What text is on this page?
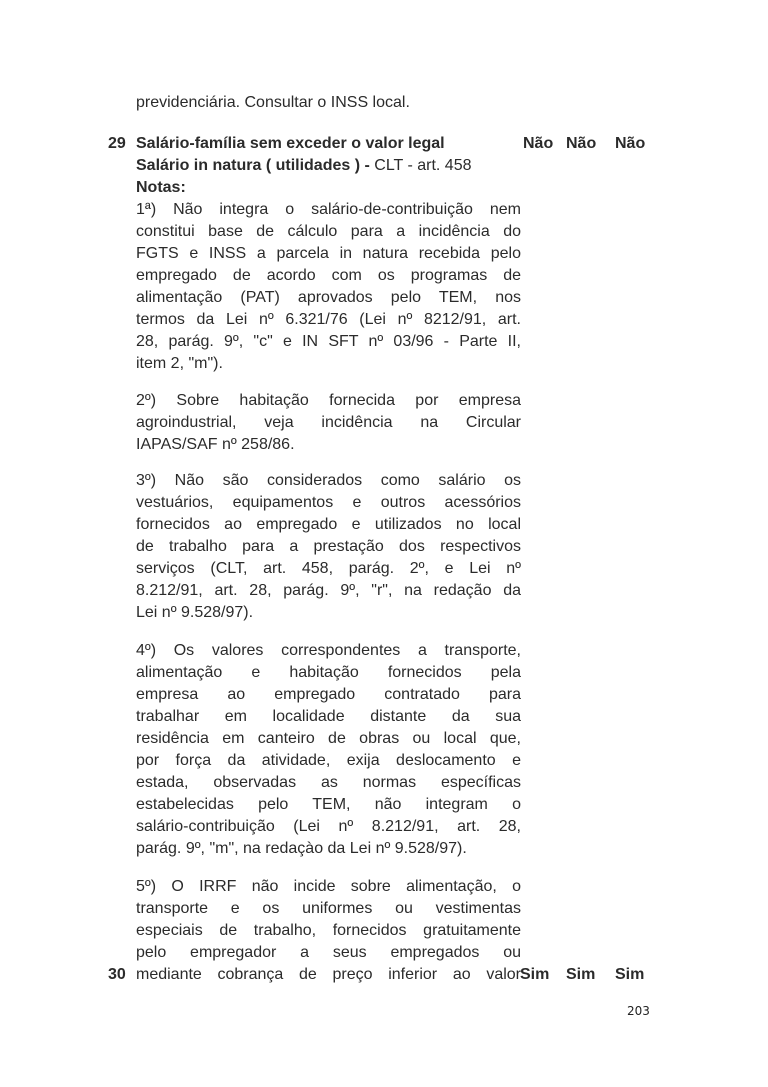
previdenciária. Consultar o INSS local.
29 Salário-família sem exceder o valor legal	Não Não Não
Salário in natura ( utilidades ) - CLT - art. 458
Notas:
1ª) Não integra o salário-de-contribuição nem
constitui base de cálculo para a incidência do
FGTS e INSS a parcela in natura recebida pelo
empregado de acordo com os programas de
alimentação (PAT) aprovados pelo TEM, nos
termos da Lei nº 6.321/76 (Lei nº 8212/91, art.
28, parág. 9º, "c" e IN SFT nº 03/96 - Parte II,
item 2, "m").
2º) Sobre habitação fornecida por empresa
agroindustrial, veja incidência na Circular
IAPAS/SAF nº 258/86.
3º) Não são considerados como salário os
vestuários, equipamentos e outros acessórios
fornecidos ao empregado e utilizados no local
de trabalho para a prestação dos respectivos
serviços (CLT, art. 458, parág. 2º, e Lei nº
8.212/91, art. 28, parág. 9º, "r", na redação da
Lei nº 9.528/97).
4º) Os valores correspondentes a transporte,
alimentação e habitação fornecidos pela
empresa ao empregado contratado para
trabalhar em localidade distante da sua
residência em canteiro de obras ou local que,
por força da atividade, exija deslocamento e
estada, observadas as normas específicas
estabelecidas pelo TEM, não integram o
salário-contribuição (Lei nº 8.212/91, art. 28,
parág. 9º, "m", na redaçào da Lei nº 9.528/97).
5º) O IRRF não incide sobre alimentação, o
transporte e os uniformes ou vestimentas
especiais de trabalho, fornecidos gratuitamente
pelo empregador a seus empregados ou
mediante cobrança de preço inferior ao valor
30	Sim Sim Sim
203
